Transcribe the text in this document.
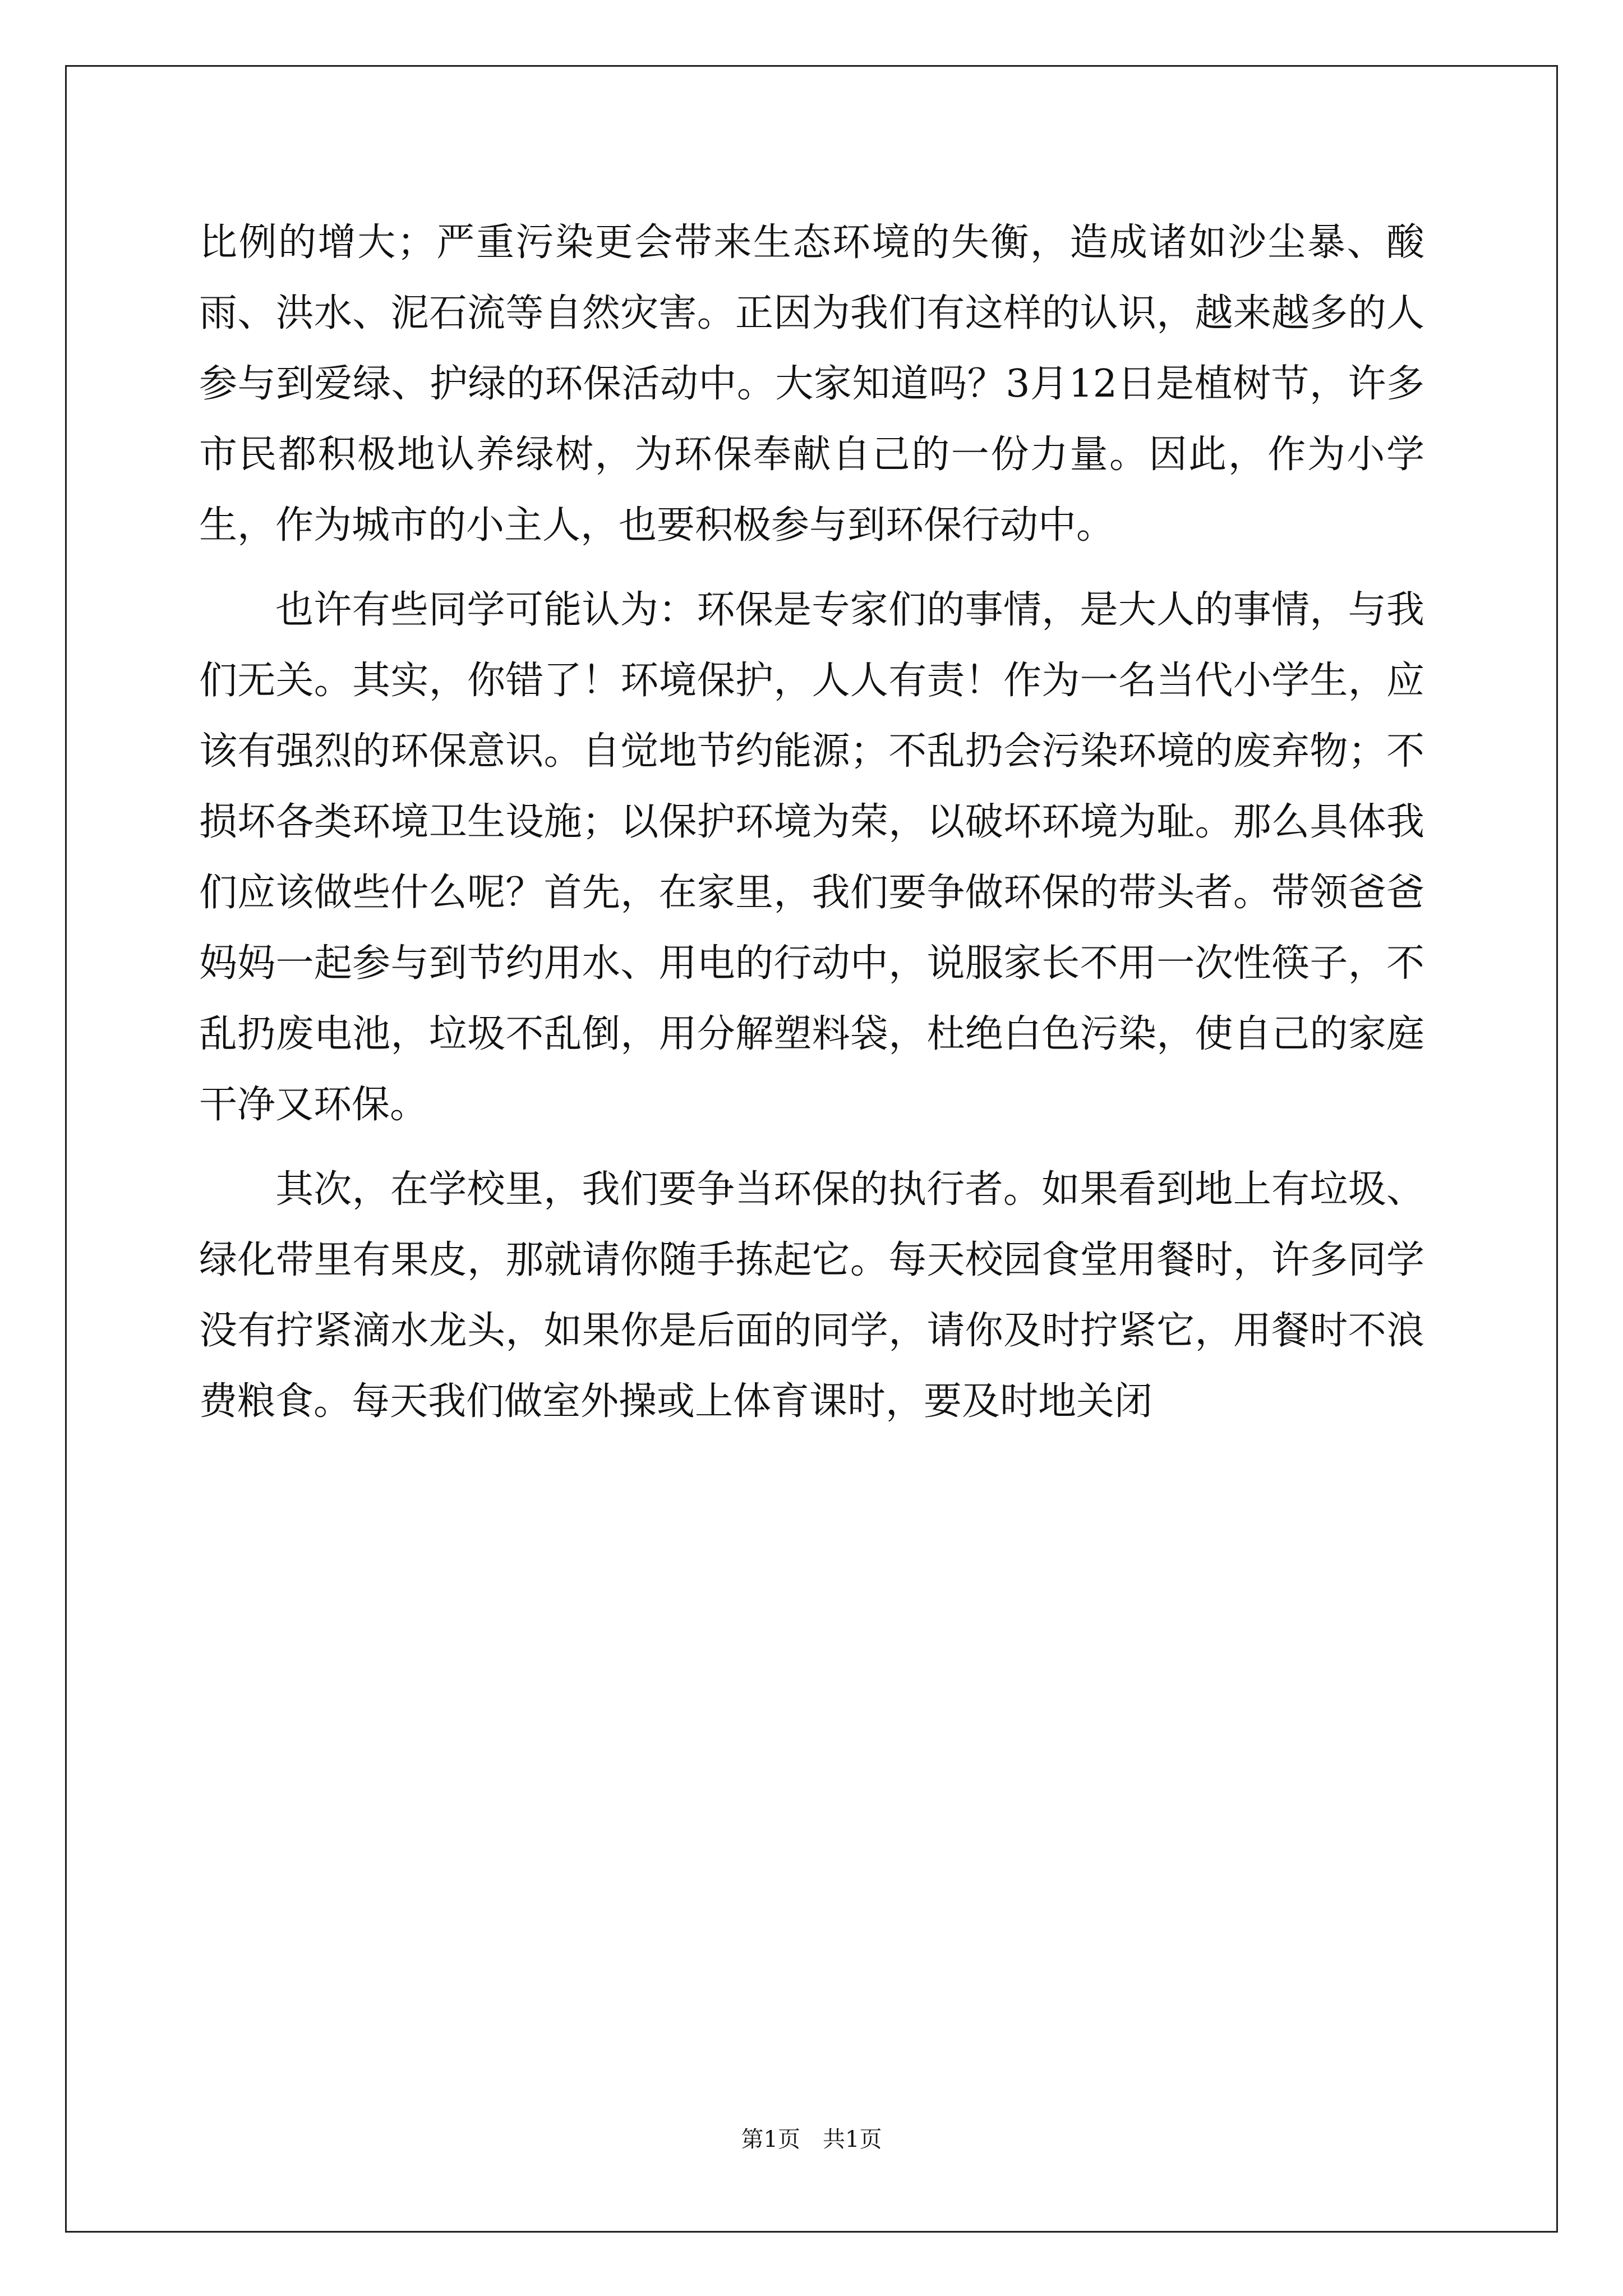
比例的增大；严重污染更会带来生态环境的失衡，造成诸如沙尘暴、酸雨、洪水、泥石流等自然灾害。正因为我们有这样的认识，越来越多的人参与到爱绿、护绿的环保活动中。大家知道吗？3月12日是植树节，许多市民都积极地认养绿树，为环保奉献自己的一份力量。因此，作为小学生，作为城市的小主人，也要积极参与到环保行动中。

也许有些同学可能认为：环保是专家们的事情，是大人的事情，与我们无关。其实，你错了！环境保护，人人有责！作为一名当代小学生，应该有强烈的环保意识。自觉地节约能源；不乱扔会污染环境的废弃物；不损坏各类环境卫生设施；以保护环境为荣，以破坏环境为耻。那么具体我们应该做些什么呢？首先，在家里，我们要争做环保的带头者。带领爸爸妈妈一起参与到节约用水、用电的行动中，说服家长不用一次性筷子，不乱扔废电池，垃圾不乱倒，用分解塑料袋，杜绝白色污染，使自己的家庭干净又环保。

其次，在学校里，我们要争当环保的执行者。如果看到地上有垃圾、绿化带里有果皮，那就请你随手拣起它。每天校园食堂用餐时，许多同学没有拧紧滴水龙头，如果你是后面的同学，请你及时拧紧它，用餐时不浪费粮食。每天我们做室外操或上体育课时，要及时地关闭

第1页 共1页
